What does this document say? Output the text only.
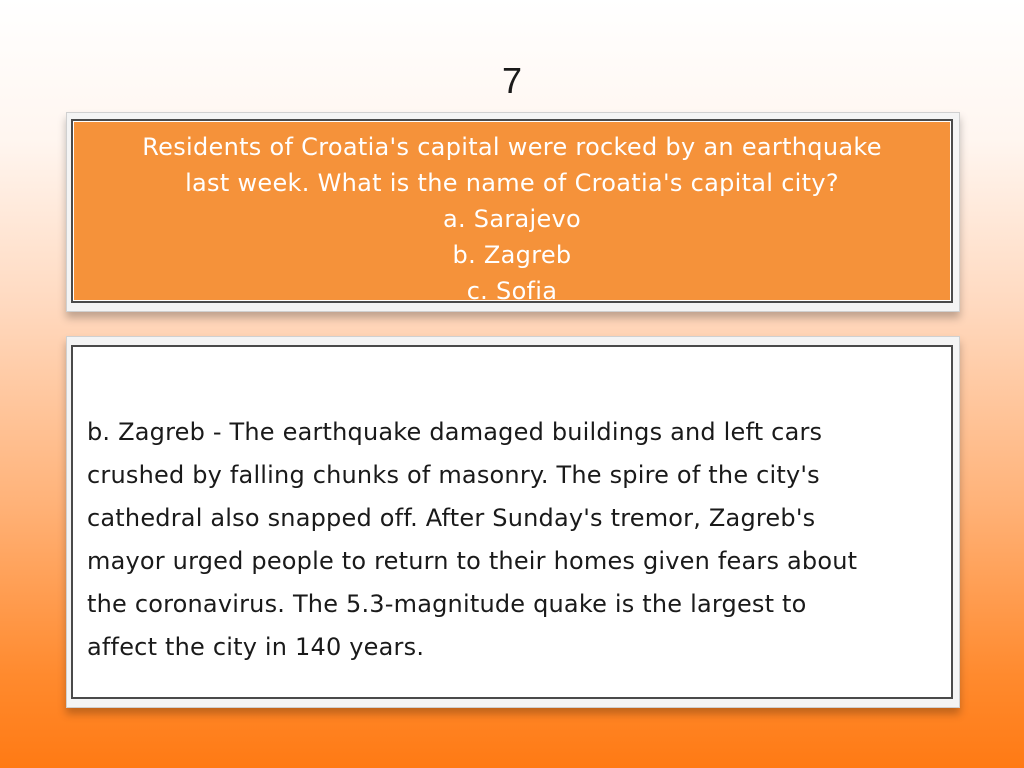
7
Residents of Croatia's capital were rocked by an earthquake
last week. What is the name of Croatia's capital city?
a. Sarajevo
b. Zagreb
c. Sofia
b. Zagreb - The earthquake damaged buildings and left cars
crushed by falling chunks of masonry. The spire of the city's
cathedral also snapped off. After Sunday's tremor, Zagreb's
mayor urged people to return to their homes given fears about
the coronavirus. The 5.3-magnitude quake is the largest to
affect the city in 140 years.
